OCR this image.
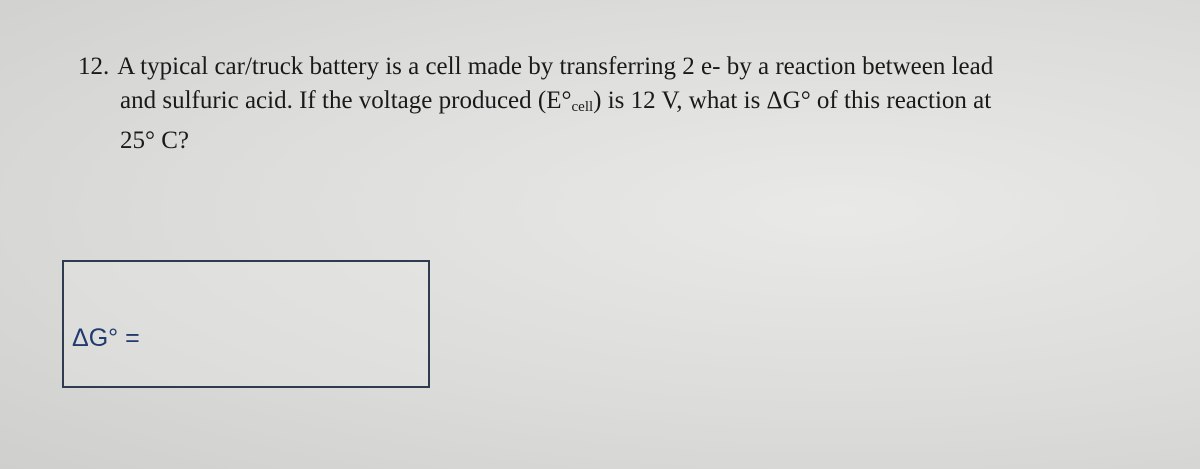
12. A typical car/truck battery is a cell made by transferring 2 e- by a reaction between lead
and sulfuric acid. If the voltage produced $(E^\circ_{cell})$ is 12 V, what is ΔG° of this reaction at
25° C?
ΔG° =
